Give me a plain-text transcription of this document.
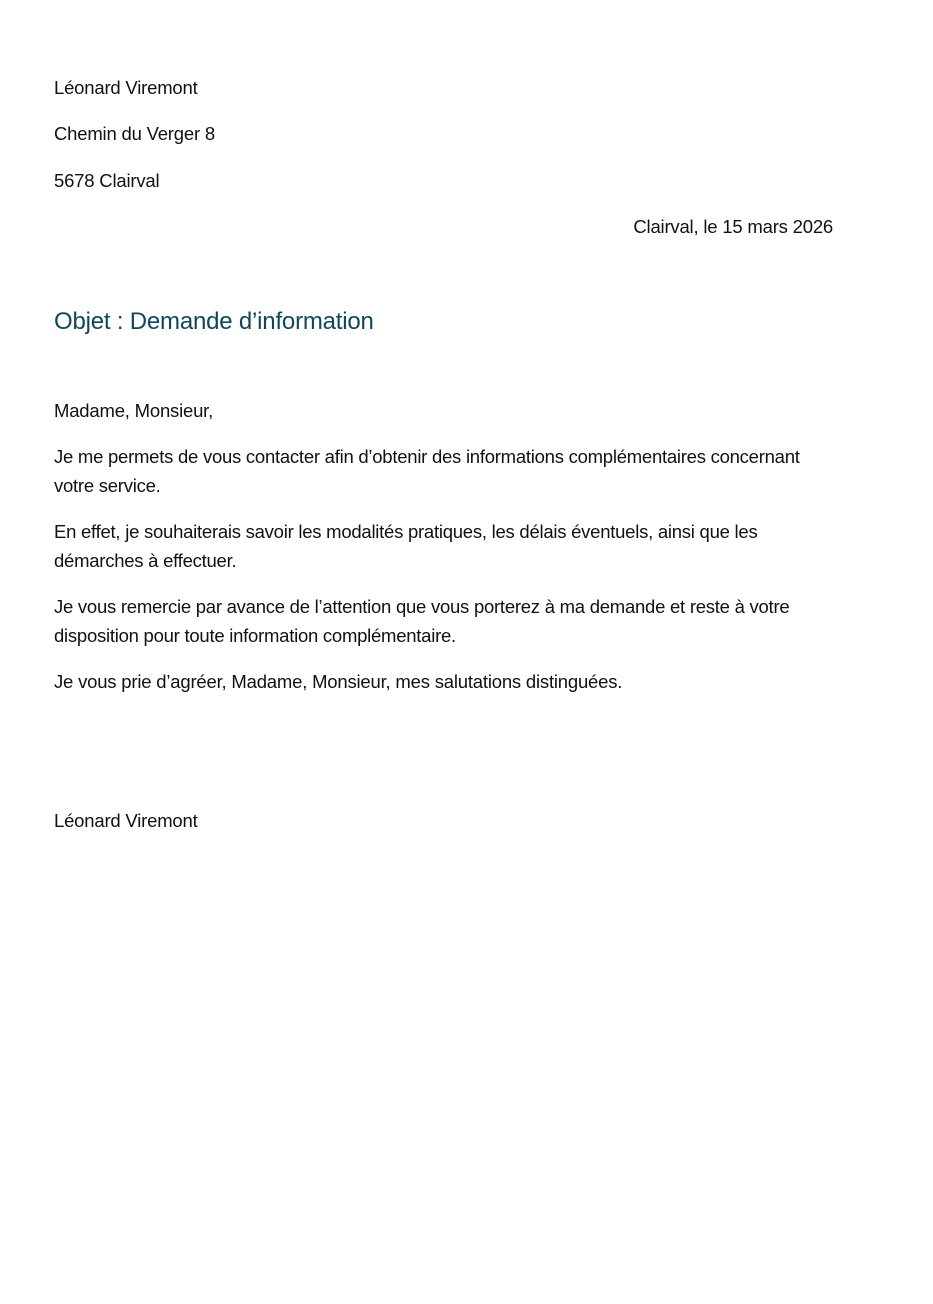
Léonard Viremont
Chemin du Verger 8
5678 Clairval
Clairval, le 15 mars 2026
Objet : Demande d’information
Madame, Monsieur,
Je me permets de vous contacter afin d’obtenir des informations complémentaires concernant votre service.
En effet, je souhaiterais savoir les modalités pratiques, les délais éventuels, ainsi que les démarches à effectuer.
Je vous remercie par avance de l’attention que vous porterez à ma demande et reste à votre disposition pour toute information complémentaire.
Je vous prie d’agréer, Madame, Monsieur, mes salutations distinguées.
Léonard Viremont
